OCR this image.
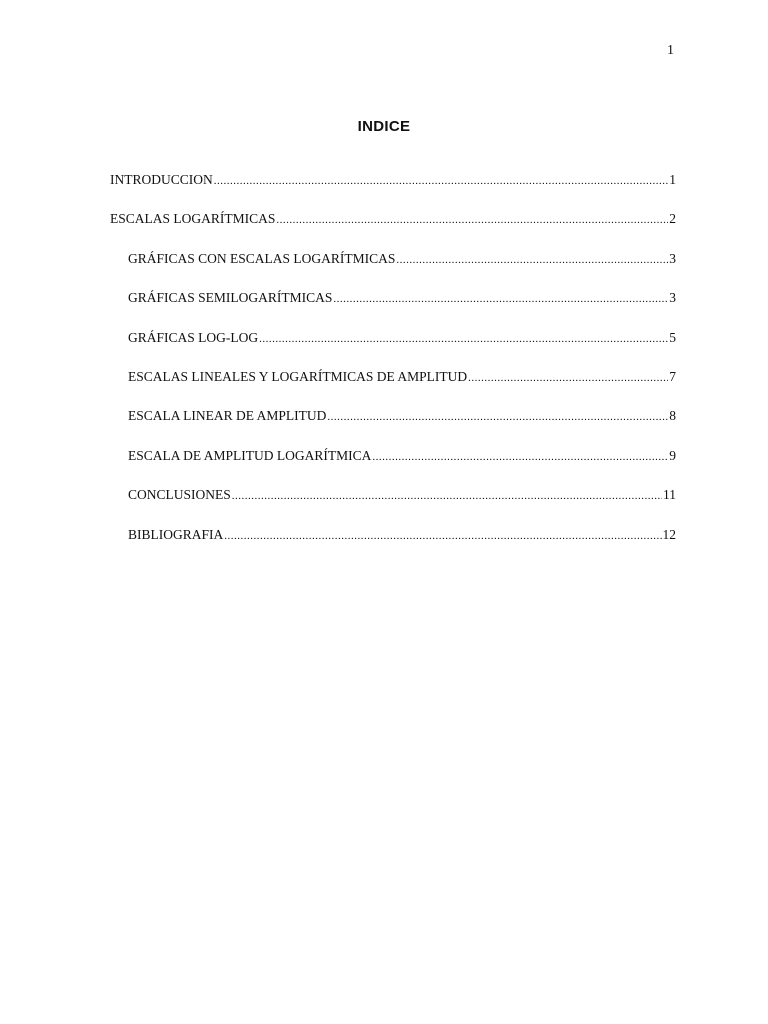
1
INDICE
INTRODUCCION .....	1
ESCALAS LOGARÍTMICAS .....	2
GRÁFICAS CON ESCALAS LOGARÍTMICAS .....	3
GRÁFICAS SEMILOGARÍTMICAS .....	3
GRÁFICAS LOG-LOG .....	5
ESCALAS LINEALES Y LOGARÍTMICAS DE AMPLITUD .....	7
ESCALA LINEAR DE AMPLITUD .....	8
ESCALA DE AMPLITUD LOGARÍTMICA .....	9
CONCLUSIONES .....	11
BIBLIOGRAFIA .....	12
